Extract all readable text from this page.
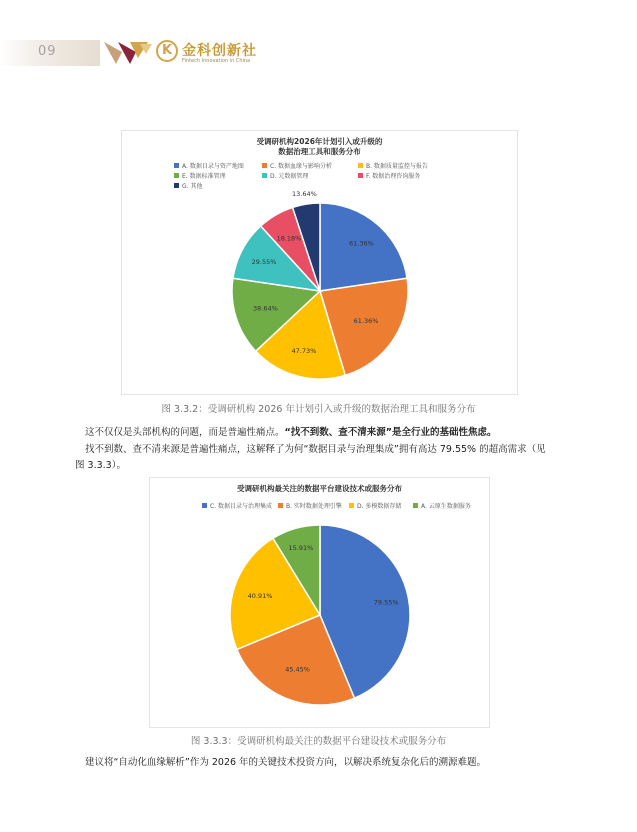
09	K 金科创新社
Fintech Innovation in China
受调研机构2026年计划引入或升级的
数据治理工具和服务分布
A. 数据目录与资产地图	C. 数据血缘与影响分析	B. 数据质量监控与报告
E. 数据标准管理	D. 元数据管理	F. 数据治理咨询服务
G. 其他
61.36%
61.36%
47.73%
38.64%
29.55%
18.18%
13.64%
图 3.3.2：受调研机构 2026 年计划引入或升级的数据治理工具和服务分布
这不仅仅是头部机构的问题，而是普遍性痛点。“找不到数、查不清来源”是全行业的基础性焦虑。
找不到数、查不清来源是普遍性痛点，这解释了为何“数据目录与治理集成”拥有高达 79.55% 的超高需求（见
图 3.3.3）。
受调研机构最关注的数据平台建设技术或服务分布
C. 数据目录与治理集成	B. 实时数据处理引擎	D. 多模数据存储	A. 云原生数据服务
79.55%
45.45%
40.91%
15.91%
图 3.3.3：受调研机构最关注的数据平台建设技术或服务分布
建议将“自动化血缘解析”作为 2026 年的关键技术投资方向，以解决系统复杂化后的溯源难题。
